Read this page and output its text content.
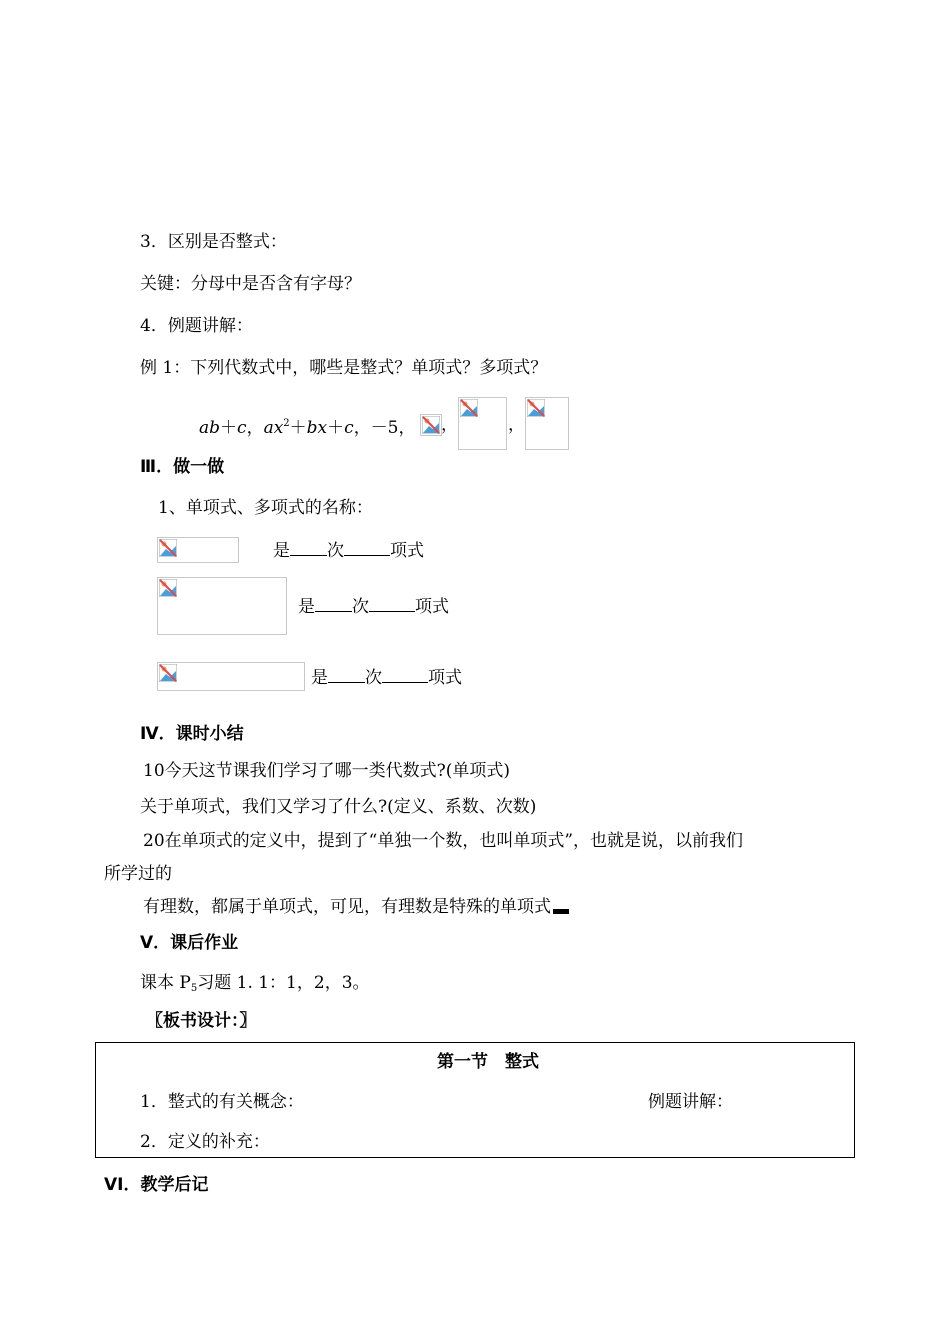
3．区别是否整式：
关键：分母中是否含有字母？
4．例题讲解：
例 1：下列代数式中，哪些是整式？单项式？多项式？
ab＋c，$ax^2+bx+c$，－5， ，	，
Ⅲ．做一做
1、单项式、多项式的名称：
是 次	项式
是 次	项式
是 次	项式
Ⅳ．课时小结
10今天这节课我们学习了哪一类代数式?(单项式)
关于单项式，我们又学习了什么?(定义、系数、次数)
20在单项式的定义中，提到了“单独一个数，也叫单项式”，也就是说，以前我们
所学过的
有理数，都属于单项式，可见，有理数是特殊的单项式
Ⅴ．课后作业
课本 $P_5$习题 1. 1：1，2，3。
〖板书设计：〗
第一节　整式
1．整式的有关概念：	例题讲解：
2．定义的补充：
VI．教学后记
